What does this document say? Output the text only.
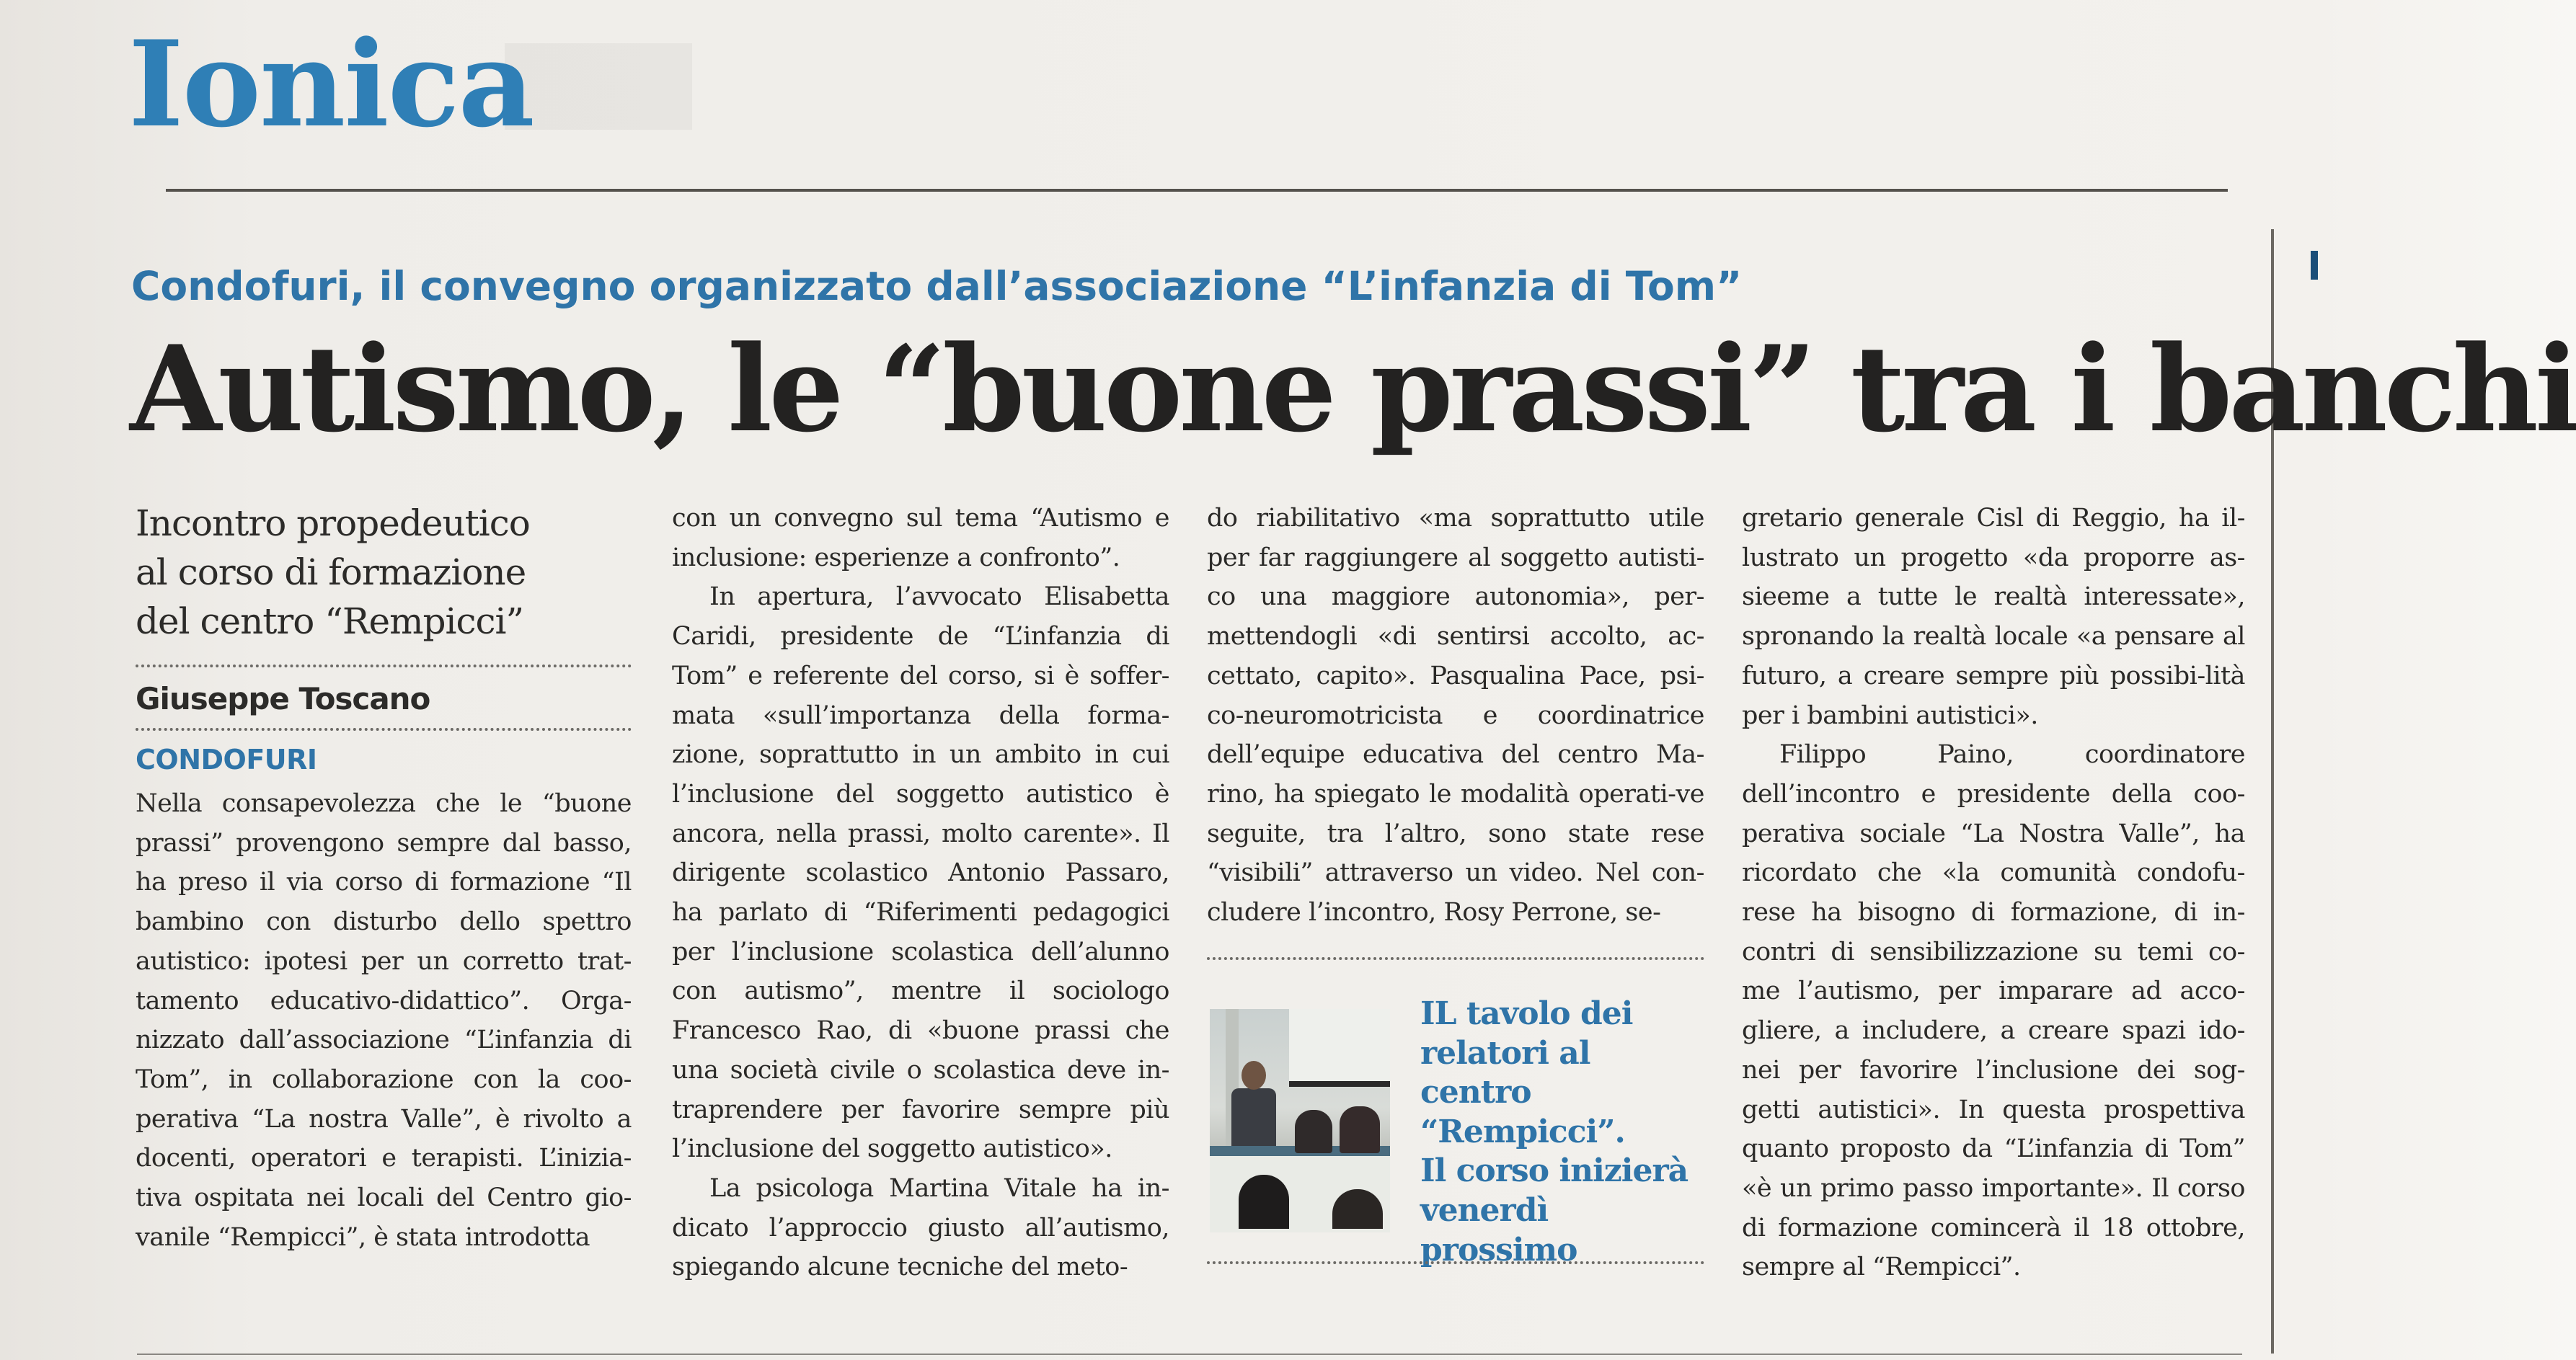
Ionica
Condofuri, il convegno organizzato dall’associazione “L’infanzia di Tom”
Autismo, le “buone prassi” tra i banchi

Incontro propedeutico
al corso di formazione
del centro “Rempicci”

Giuseppe Toscano
CONDOFURI

Nella consapevolezza che le “buone prassi” provengono sempre dal basso, ha preso il via corso di formazione “Il bambino con disturbo dello spettro autistico: ipotesi per un corretto trat-tamento educativo-didattico”. Orga-nizzato dall’associazione “L’infanzia di Tom”, in collaborazione con la coo-perativa “La nostra Valle”, è rivolto a docenti, operatori e terapisti. L’inizia-tiva ospitata nei locali del Centro gio-vanile “Rempicci”, è stata introdotta

con un convegno sul tema “Autismo e inclusione: esperienze a confronto”.

In apertura, l’avvocato Elisabetta Caridi, presidente de “L’infanzia di Tom” e referente del corso, si è soffer-mata «sull’importanza della forma-zione, soprattutto in un ambito in cui l’inclusione del soggetto autistico è ancora, nella prassi, molto carente». Il dirigente scolastico Antonio Passaro, ha parlato di “Riferimenti pedagogici per l’inclusione scolastica dell’alunno con autismo”, mentre il sociologo Francesco Rao, di «buone prassi che una società civile o scolastica deve in-traprendere per favorire sempre più l’inclusione del soggetto autistico».

La psicologa Martina Vitale ha in-dicato l’approccio giusto all’autismo, spiegando alcune tecniche del meto-

do riabilitativo «ma soprattutto utile per far raggiungere al soggetto autisti-co una maggiore autonomia», per-mettendogli «di sentirsi accolto, ac-cettato, capito». Pasqualina Pace, psi-co-neuromotricista e coordinatrice dell’equipe educativa del centro Ma-rino, ha spiegato le modalità operati-ve seguite, tra l’altro, sono state rese “visibili” attraverso un video. Nel con-cludere l’incontro, Rosy Perrone, se-

IL tavolo dei
relatori al centro
“Rempicci”.
Il corso inizierà
venerdì
prossimo

gretario generale Cisl di Reggio, ha il-lustrato un progetto «da proporre as-sieeme a tutte le realtà interessate», spronando la realtà locale «a pensare al futuro, a creare sempre più possibi-lità per i bambini autistici».

Filippo Paino, coordinatore dell’incontro e presidente della coo-perativa sociale “La Nostra Valle”, ha ricordato che «la comunità condofu-rese ha bisogno di formazione, di in-contri di sensibilizzazione su temi co-me l’autismo, per imparare ad acco-gliere, a includere, a creare spazi ido-nei per favorire l’inclusione dei sog-getti autistici». In questa prospettiva quanto proposto da “L’infanzia di Tom” «è un primo passo importante». Il corso di formazione comincerà il 18 ottobre, sempre al “Rempicci”.
